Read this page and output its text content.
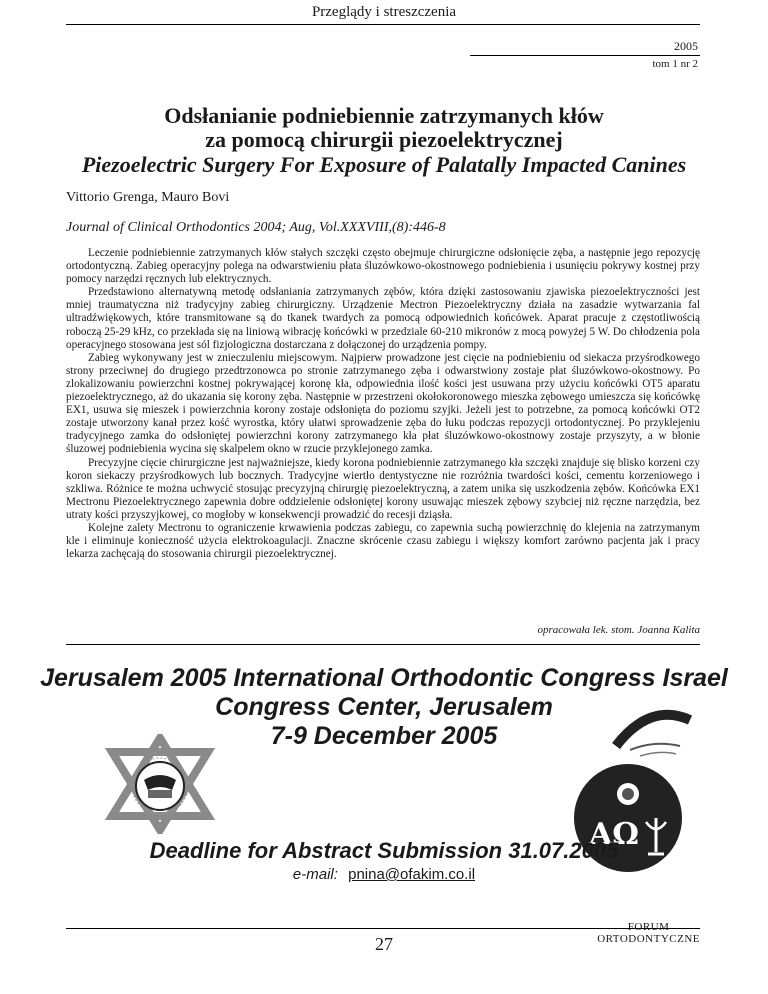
Przeglądy i streszczenia
2005
tom 1 nr 2
Odsłanianie podniebiennie zatrzymanych kłów
za pomocą chirurgii piezoelektrycznej
Piezoelectric Surgery For Exposure of Palatally Impacted Canines
Vittorio Grenga, Mauro Bovi
Journal of Clinical Orthodontics 2004; Aug, Vol.XXXVIII,(8):446-8

Leczenie podniebiennie zatrzymanych kłów stałych szczęki często obejmuje chirurgiczne odsłonięcie zęba, a następnie jego repozycję ortodontyczną. Zabieg operacyjny polega na odwarstwieniu płata śluzówkowo-okostnowego podniebienia i usunięciu pokrywy kostnej przy pomocy narzędzi ręcznych lub elektrycznych.

Przedstawiono alternatywną metodę odsłaniania zatrzymanych zębów, która dzięki zastosowaniu zjawiska piezoelektryczności jest mniej traumatyczna niż tradycyjny zabieg chirurgiczny. Urządzenie Mectron Piezoelektryczny działa na zasadzie wytwarzania fal ultradźwiękowych, które transmitowane są do tkanek twardych za pomocą odpowiednich końcówek. Aparat pracuje z częstotliwością roboczą 25-29 kHz, co przekłada się na liniową wibrację końcówki w przedziale 60-210 mikronów z mocą powyżej 5 W. Do chłodzenia pola operacyjnego stosowana jest sól fizjologiczna dostarczana z dołączonej do urządzenia pompy.

Zabieg wykonywany jest w znieczuleniu miejscowym. Najpierw prowadzone jest cięcie na podniebieniu od siekacza przyśrodkowego strony przeciwnej do drugiego przedtrzonowca po stronie zatrzymanego zęba i odwarstwiony zostaje płat śluzówkowo-okostnowy. Po zlokalizowaniu powierzchni kostnej pokrywającej koronę kła, odpowiednia ilość kości jest usuwana przy użyciu końcówki OT5 aparatu piezoelektrycznego, aż do ukazania się korony zęba. Następnie w przestrzeni okołokoronowego mieszka zębowego umieszcza się końcówkę EX1, usuwa się mieszek i powierzchnia korony zostaje odsłonięta do poziomu szyjki. Jeżeli jest to potrzebne, za pomocą końcówki OT2 zostaje utworzony kanał przez kość wyrostka, który ułatwi sprowadzenie zęba do łuku podczas repozycji ortodontycznej. Po przyklejeniu tradycyjnego zamka do odsłoniętej powierzchni korony zatrzymanego kła płat śluzówkowo-okostnowy zostaje przyszyty, a w błonie śluzowej podniebienia wycina się skalpelem okno w rzucie przyklejonego zamka.

Precyzyjne cięcie chirurgiczne jest najważniejsze, kiedy korona podniebiennie zatrzymanego kła szczęki znajduje się blisko korzeni czy koron siekaczy przyśrodkowych lub bocznych. Tradycyjne wiertło dentystyczne nie rozróżnia twardości kości, cementu korzeniowego i szkliwa. Różnice te można uchwycić stosując precyzyjną chirurgię piezoelektryczną, a zatem unika się uszkodzenia zębów. Końcówka EX1 Mectronu Piezoelektrycznego zapewnia dobre oddzielenie odsłoniętej korony usuwając mieszek zębowy szybciej niż ręczne narzędzia, bez utraty kości przyszyjkowej, co mogłoby w konsekwencji prowadzić do recesji dziąsła.

Kolejne zalety Mectronu to ograniczenie krwawienia podczas zabiegu, co zapewnia suchą powierzchnię do klejenia na zatrzymanym kle i eliminuje konieczność użycia elektrokoagulacji. Znaczne skrócenie czasu zabiegu i większy komfort zarówno pacjenta jak i pracy lekarza zachęcają do stosowania chirurgii piezoelektrycznej.

opracowała lek. stom. Joanna Kalita
Jerusalem 2005 International Orthodontic Congress Israel
Congress Center, Jerusalem
7-9 December 2005
ΑΩ
Deadline for Abstract Submission 31.07.2005
e-mail: pnina@ofakim.co.il
27
FORUM
ORTODONTYCZNE
